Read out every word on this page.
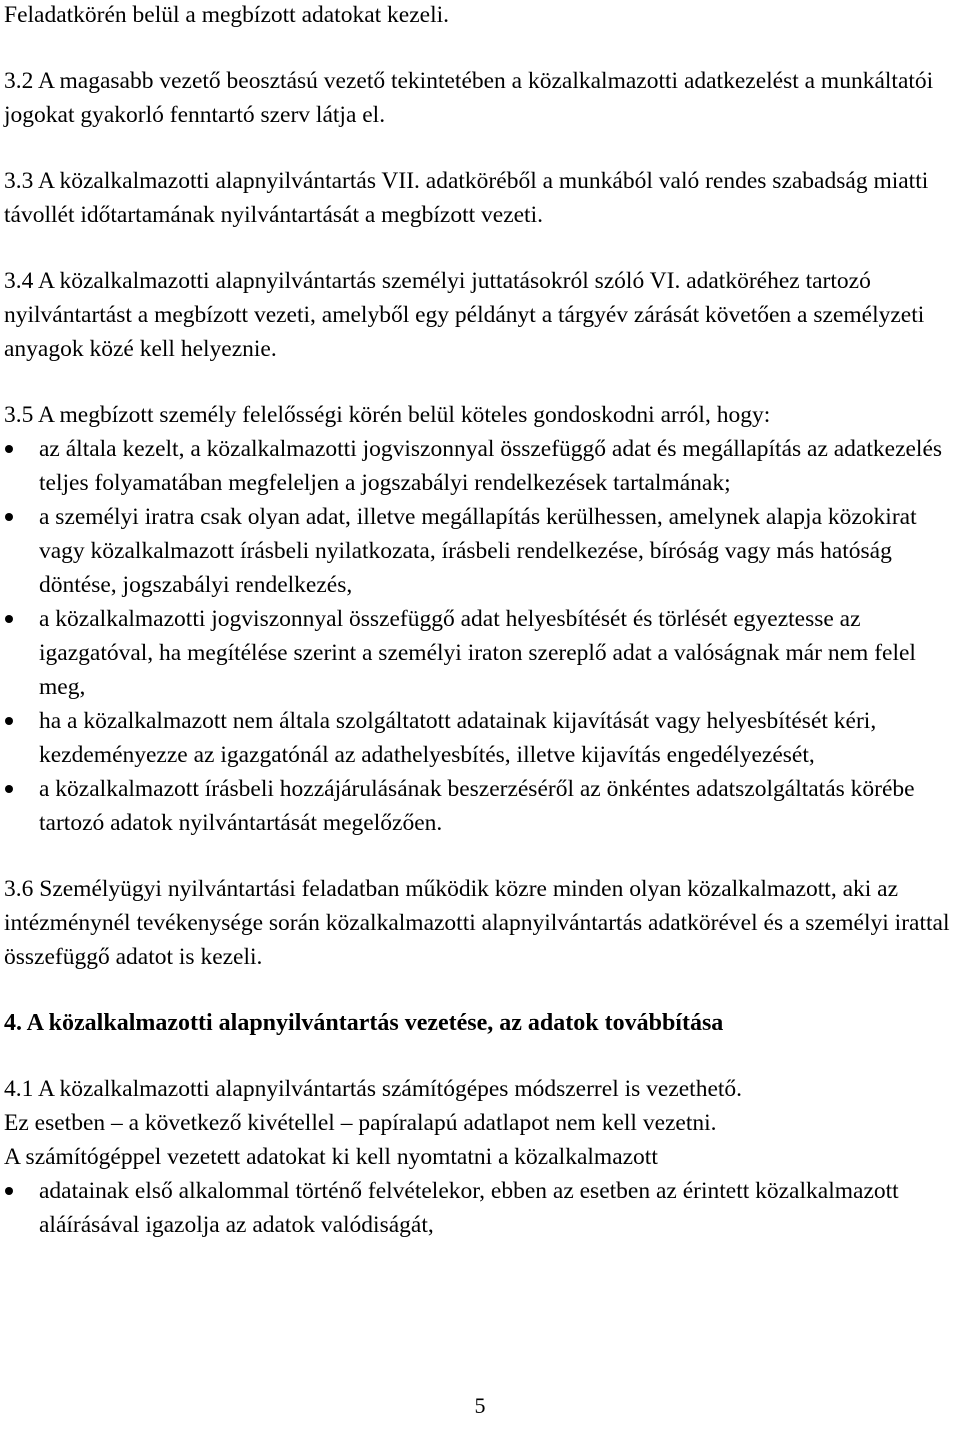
Feladatkörén belül a megbízott adatokat kezeli.

3.2 A magasabb vezető beosztású vezető tekintetében a közalkalmazotti adatkezelést a munkáltatói jogokat gyakorló fenntartó szerv látja el.

3.3 A közalkalmazotti alapnyilvántartás VII. adatköréből a munkából való rendes szabadság miatti távollét időtartamának nyilvántartását a megbízott vezeti.

3.4 A közalkalmazotti alapnyilvántartás személyi juttatásokról szóló VI. adatköréhez tartozó nyilvántartást a megbízott vezeti, amelyből egy példányt a tárgyév zárását követően a személyzeti anyagok közé kell helyeznie.

3.5 A megbízott személy felelősségi körén belül köteles gondoskodni arról, hogy:

az általa kezelt, a közalkalmazotti jogviszonnyal összefüggő adat és megállapítás az adatkezelés teljes folyamatában megfeleljen a jogszabályi rendelkezések tartalmának;
a személyi iratra csak olyan adat, illetve megállapítás kerülhessen, amelynek alapja közokirat vagy közalkalmazott írásbeli nyilatkozata, írásbeli rendelkezése, bíróság vagy más hatóság döntése, jogszabályi rendelkezés,
a közalkalmazotti jogviszonnyal összefüggő adat helyesbítését és törlését egyeztesse az igazgatóval, ha megítélése szerint a személyi iraton szereplő adat a valóságnak már nem felel meg,
ha a közalkalmazott nem általa szolgáltatott adatainak kijavítását vagy helyesbítését kéri, kezdeményezze az igazgatónál az adathelyesbítés, illetve kijavítás engedélyezését,
a közalkalmazott írásbeli hozzájárulásának beszerzéséről az önkéntes adatszolgáltatás körébe tartozó adatok nyilvántartását megelőzően.

3.6 Személyügyi nyilvántartási feladatban működik közre minden olyan közalkalmazott, aki az intézménynél tevékenysége során közalkalmazotti alapnyilvántartás adatkörével és a személyi irattal összefüggő adatot is kezeli.

4. A közalkalmazotti alapnyilvántartás vezetése, az adatok továbbítása

4.1 A közalkalmazotti alapnyilvántartás számítógépes módszerrel is vezethető.

Ez esetben – a következő kivétellel – papíralapú adatlapot nem kell vezetni.

A számítógéppel vezetett adatokat ki kell nyomtatni a közalkalmazott

adatainak első alkalommal történő felvételekor, ebben az esetben az érintett közalkalmazott aláírásával igazolja az adatok valódiságát,
5
